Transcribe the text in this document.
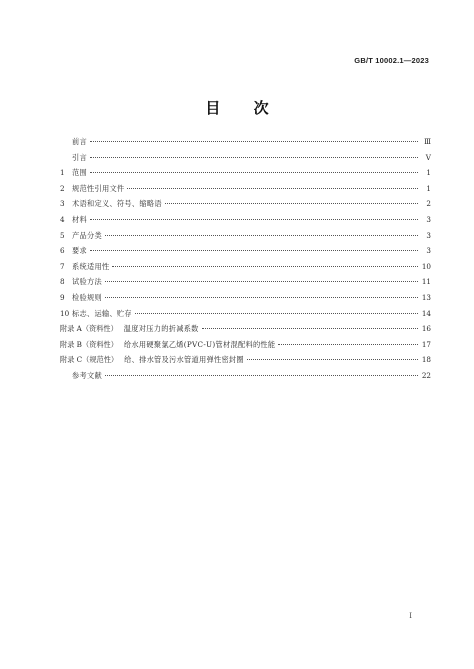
GB/T 10002.1—2023
目 次
前言	Ⅲ
引言	Ⅴ
1	范围	1
2	规范性引用文件	1
3	术语和定义、符号、缩略语	2
4	材料	3
5	产品分类	3
6	要求	3
7	系统适用性	10
8	试验方法	11
9	检验规则	13
10 标志、运输、贮存	14
附录 A（资料性） 温度对压力的折减系数	16
附录 B（资料性） 给水用硬聚氯乙烯(PVC-U)管材混配料的性能	17
附录 C（规范性） 给、排水管及污水管道用弹性密封圈	18
参考文献	22
Ⅰ
